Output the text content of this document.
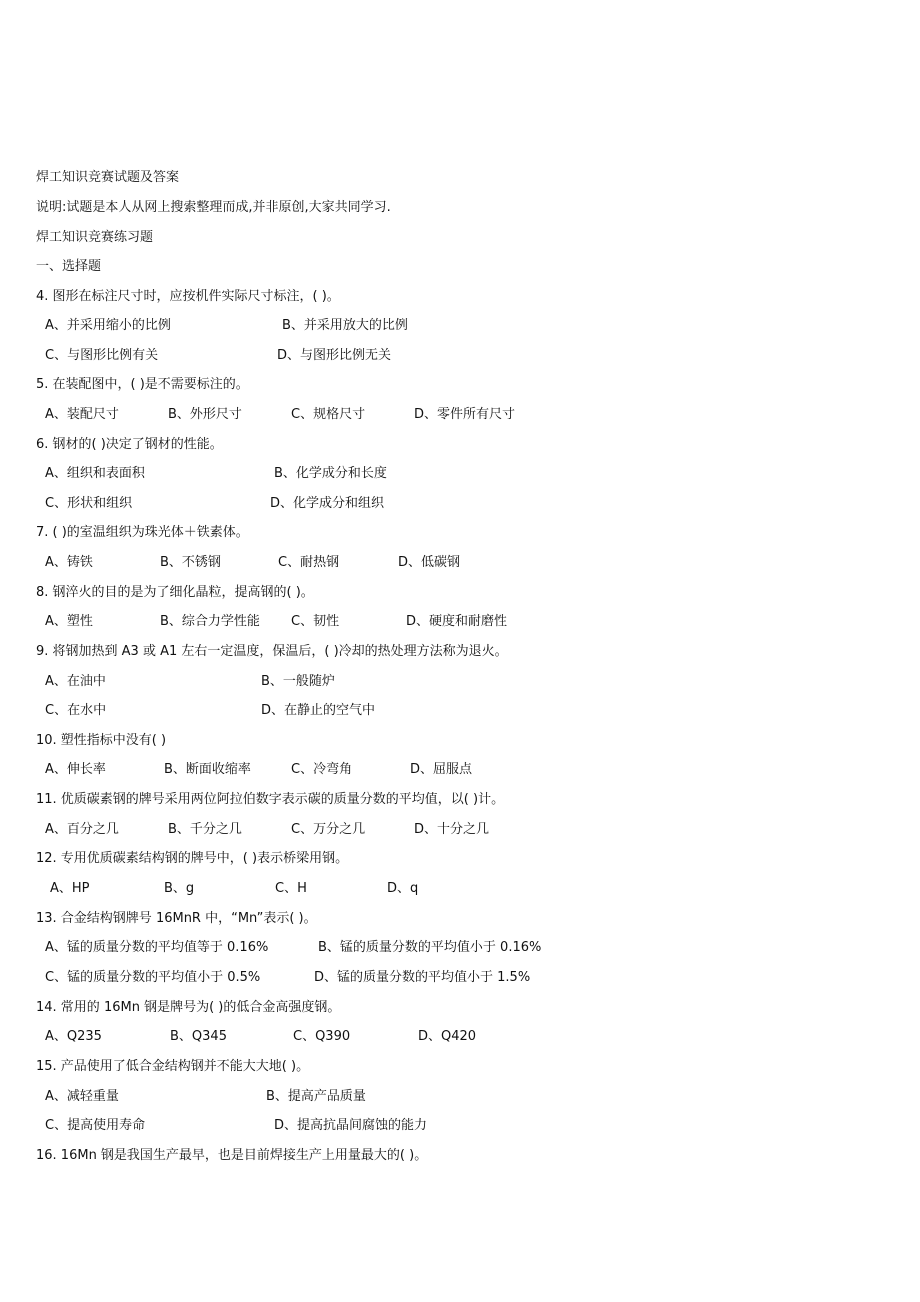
焊工知识竞赛试题及答案
说明:试题是本人从网上搜索整理而成,并非原创,大家共同学习.
焊工知识竞赛练习题
一、选择题
4. 图形在标注尺寸时，应按机件实际尺寸标注，( )。
A、并采用缩小的比例	B、并采用放大的比例
C、与图形比例有关	D、与图形比例无关
5. 在装配图中，( )是不需要标注的。
A、装配尺寸	B、外形尺寸	C、规格尺寸	D、零件所有尺寸
6. 钢材的( )决定了钢材的性能。
A、组织和表面积	B、化学成分和长度
C、形状和组织	D、化学成分和组织
7. ( )的室温组织为珠光体＋铁素体。
A、铸铁	B、不锈钢	C、耐热钢	D、低碳钢
8. 钢淬火的目的是为了细化晶粒，提高钢的( )。
A、塑性	B、综合力学性能 C、韧性	D、硬度和耐磨性
9. 将钢加热到 A3 或 A1 左右一定温度，保温后，( )冷却的热处理方法称为退火。
A、在油中	B、一般随炉
C、在水中	D、在静止的空气中
10. 塑性指标中没有( )
A、伸长率	B、断面收缩率	C、冷弯角	D、屈服点
11. 优质碳素钢的牌号采用两位阿拉伯数字表示碳的质量分数的平均值，以( )计。
A、百分之几	B、千分之几	C、万分之几	D、十分之几
12. 专用优质碳素结构钢的牌号中，( )表示桥梁用钢。
A、HP	B、g	C、H	D、q
13. 合金结构钢牌号 16MnR 中，“Mn”表示( )。
A、锰的质量分数的平均值等于 0.16%	B、锰的质量分数的平均值小于 0.16%
C、锰的质量分数的平均值小于 0.5%	D、锰的质量分数的平均值小于 1.5%
14. 常用的 16Mn 钢是牌号为( )的低合金高强度钢。
A、Q235	B、Q345	C、Q390	D、Q420
15. 产品使用了低合金结构钢并不能大大地( )。
A、减轻重量	B、提高产品质量
C、提高使用寿命	D、提高抗晶间腐蚀的能力
16. 16Mn 钢是我国生产最早，也是目前焊接生产上用量最大的( )。
